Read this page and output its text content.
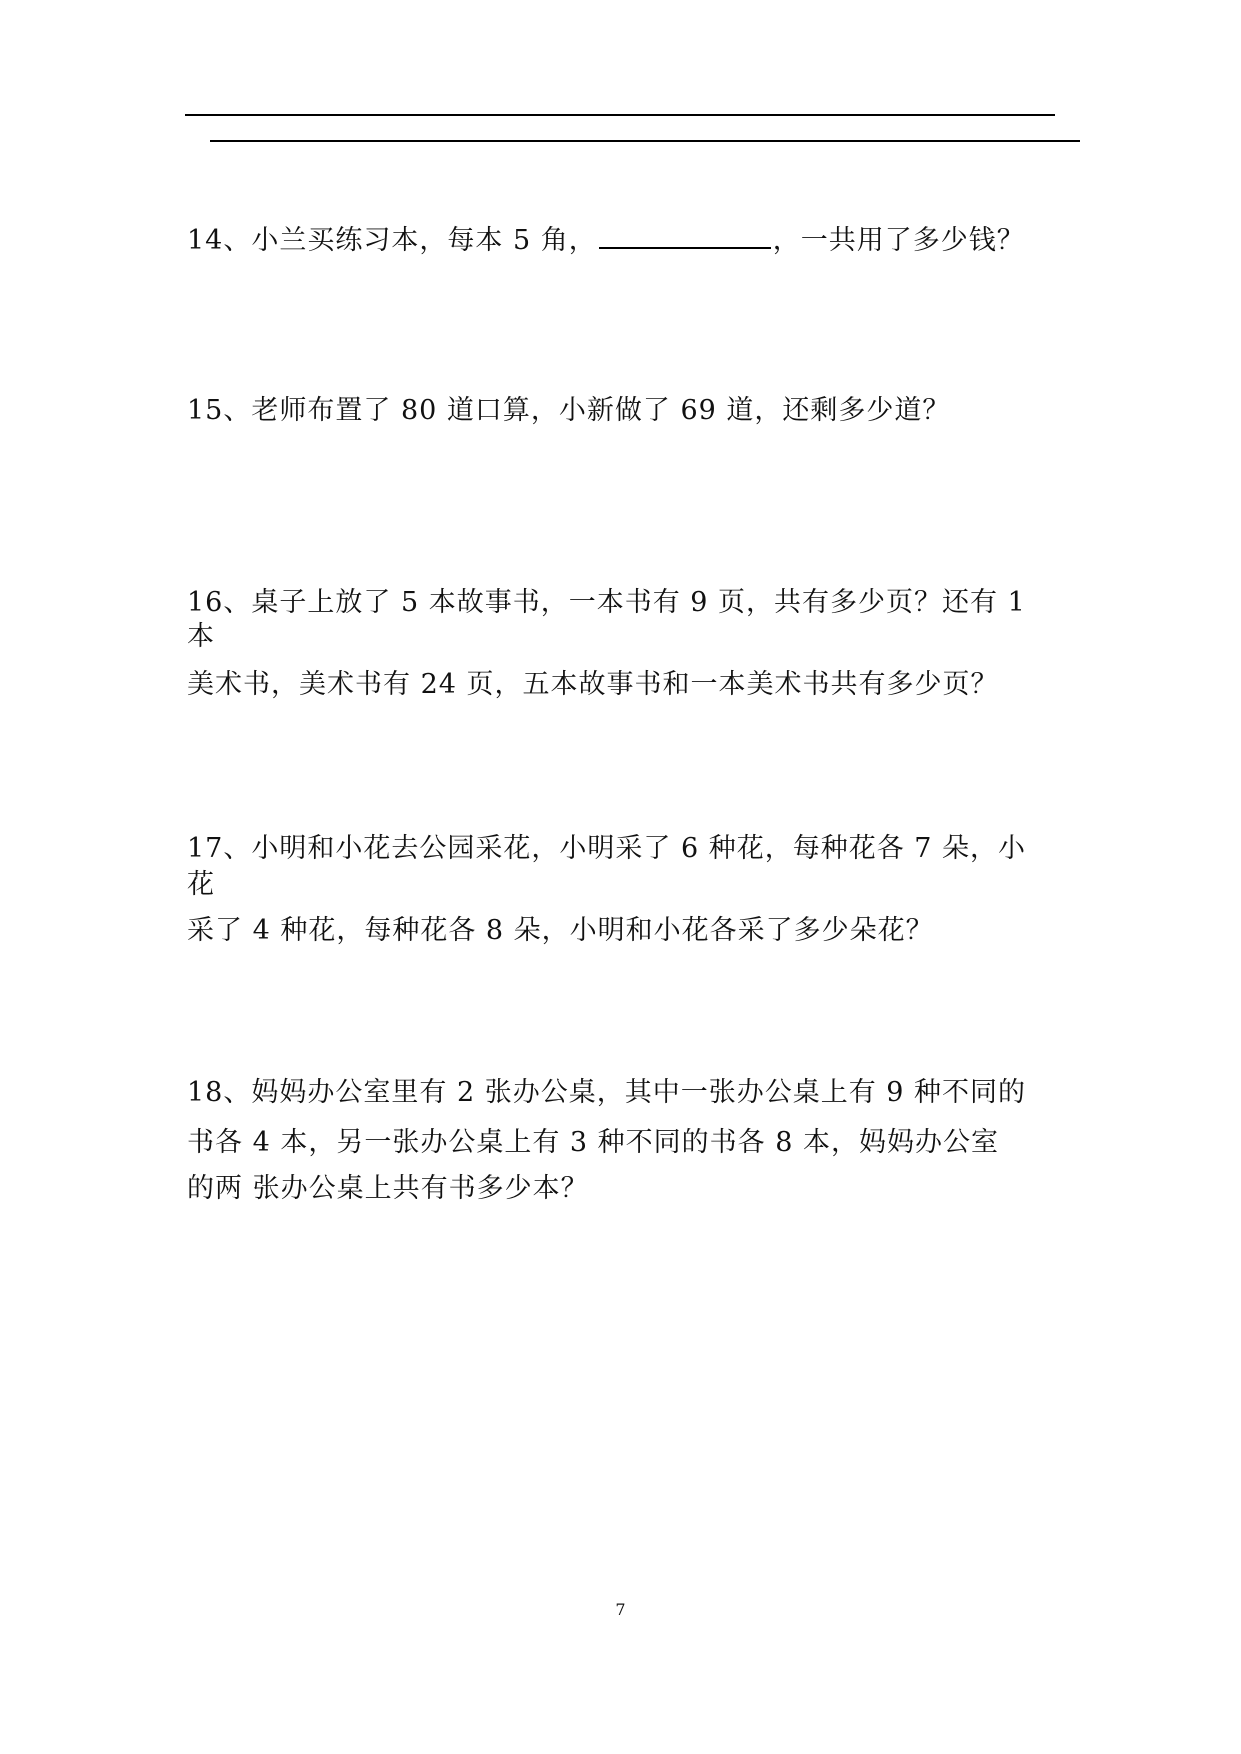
14、小兰买练习本，每本 5 角，	，一共用了多少钱？
15、老师布置了 80 道口算，小新做了 69 道，还剩多少道？
16、桌子上放了 5 本故事书，一本书有 9 页，共有多少页？还有 1
本
美术书，美术书有 24 页，五本故事书和一本美术书共有多少页？
17、小明和小花去公园采花，小明采了 6 种花，每种花各 7 朵，小
花
采了 4 种花，每种花各 8 朵，小明和小花各采了多少朵花？
18、妈妈办公室里有 2 张办公桌，其中一张办公桌上有 9 种不同的
书各 4 本，另一张办公桌上有 3 种不同的书各 8 本，妈妈办公室
的两 张办公桌上共有书多少本？
7
